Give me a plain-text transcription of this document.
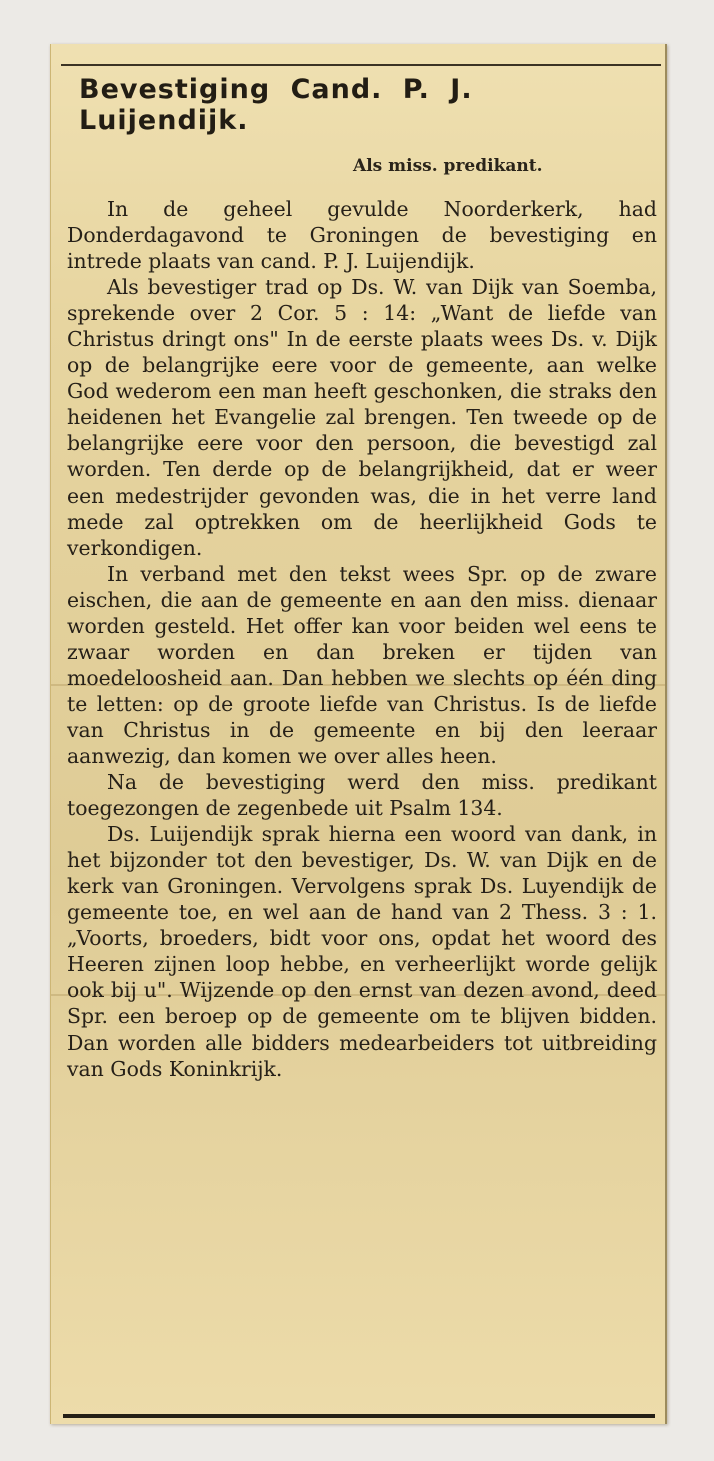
Bevestiging Cand. P. J. Luijendijk.
Als miss. predikant.

In de geheel gevulde Noorderkerk, had Donderdagavond te Groningen de bevestiging en intrede plaats van cand. P. J. Luijendijk.

Als bevestiger trad op Ds. W. van Dijk van Soemba, sprekende over 2 Cor. 5 : 14: „Want de liefde van Christus dringt ons" In de eerste plaats wees Ds. v. Dijk op de belangrijke eere voor de gemeente, aan welke God wederom een man heeft geschonken, die straks den heidenen het Evangelie zal brengen. Ten tweede op de belangrijke eere voor den persoon, die bevestigd zal worden. Ten derde op de belangrijkheid, dat er weer een medestrijder gevonden was, die in het verre land mede zal optrekken om de heerlijkheid Gods te verkondigen.

In verband met den tekst wees Spr. op de zware eischen, die aan de gemeente en aan den miss. dienaar worden gesteld. Het offer kan voor beiden wel eens te zwaar worden en dan breken er tijden van moedeloosheid aan. Dan hebben we slechts op één ding te letten: op de groote liefde van Christus. Is de liefde van Christus in de gemeente en bij den leeraar aanwezig, dan komen we over alles heen.

Na de bevestiging werd den miss. predikant toegezongen de zegenbede uit Psalm 134.

Ds. Luijendijk sprak hierna een woord van dank, in het bijzonder tot den bevestiger, Ds. W. van Dijk en de kerk van Groningen. Vervolgens sprak Ds. Luyendijk de gemeente toe, en wel aan de hand van 2 Thess. 3 : 1. „Voorts, broeders, bidt voor ons, opdat het woord des Heeren zijnen loop hebbe, en verheerlijkt worde gelijk ook bij u". Wijzende op den ernst van dezen avond, deed Spr. een beroep op de gemeente om te blijven bidden. Dan worden alle bidders medearbeiders tot uitbreiding van Gods Koninkrijk.
